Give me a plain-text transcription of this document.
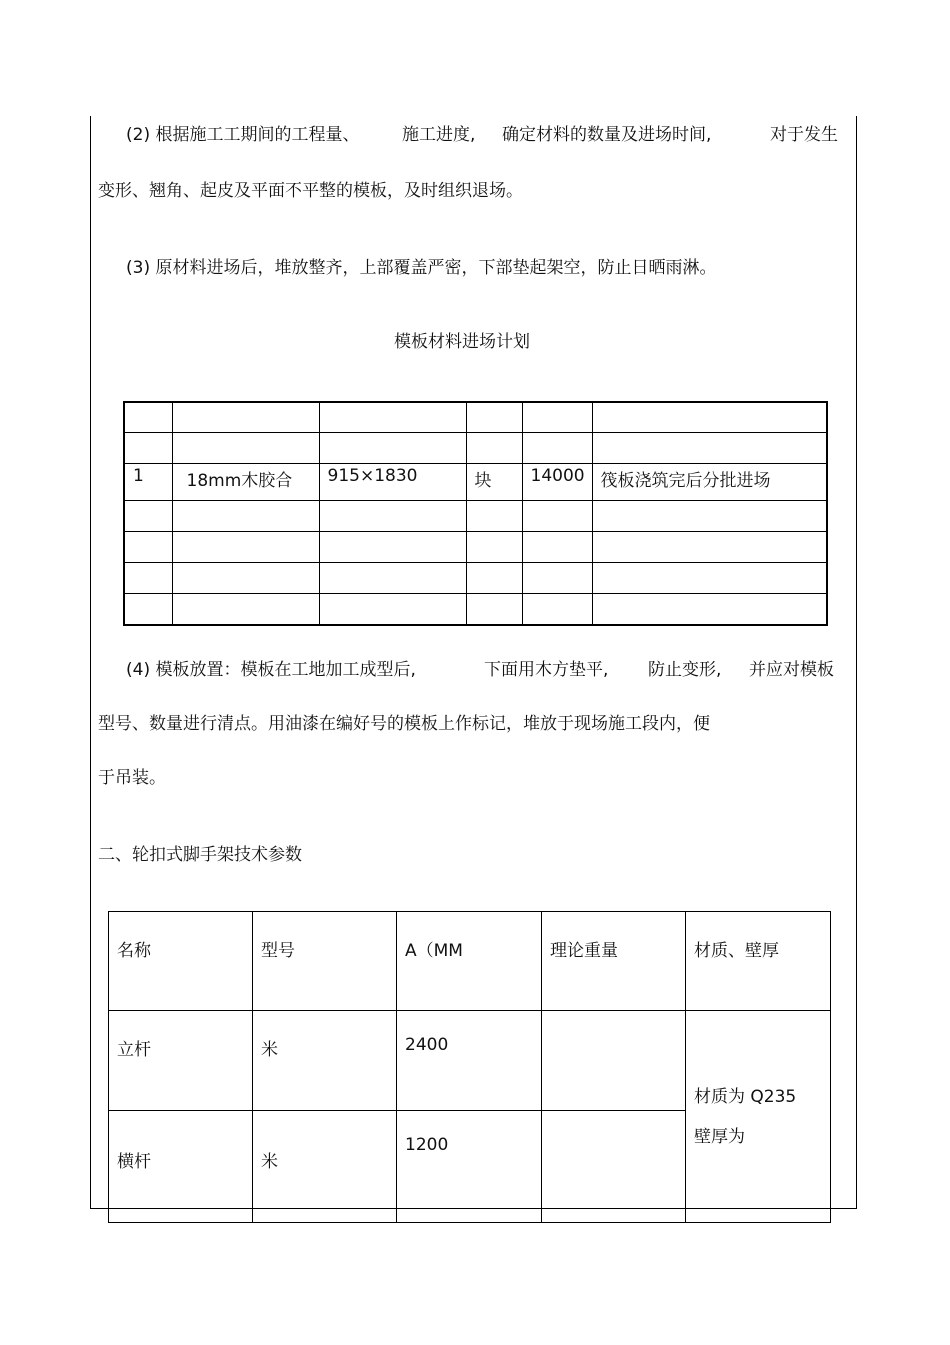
(2) 根据施工工期间的工程量、	施工进度, 确定材料的数量及进场时间,	对于发生
变形、翘角、起皮及平面不平整的模板，及时组织退场。
(3) 原材料进场后，堆放整齐，上部覆盖严密，下部垫起架空，防止日晒雨淋。
模板材料进场计划

1	18mm木胶合	915×1830	块	14000	筏板浇筑完后分批进场

(4) 模板放置：模板在工地加工成型后,	下面用木方垫平, 防止变形, 并应对模板
型号、数量进行清点。用油漆在编好号的模板上作标记，堆放于现场施工段内，便
于吊装。
二、轮扣式脚手架技术参数
名称	型号	A（MM	理论重量	材质、壁厚
立杆	米	2400		材质为 Q235
壁厚为

横杆	米	1200		
